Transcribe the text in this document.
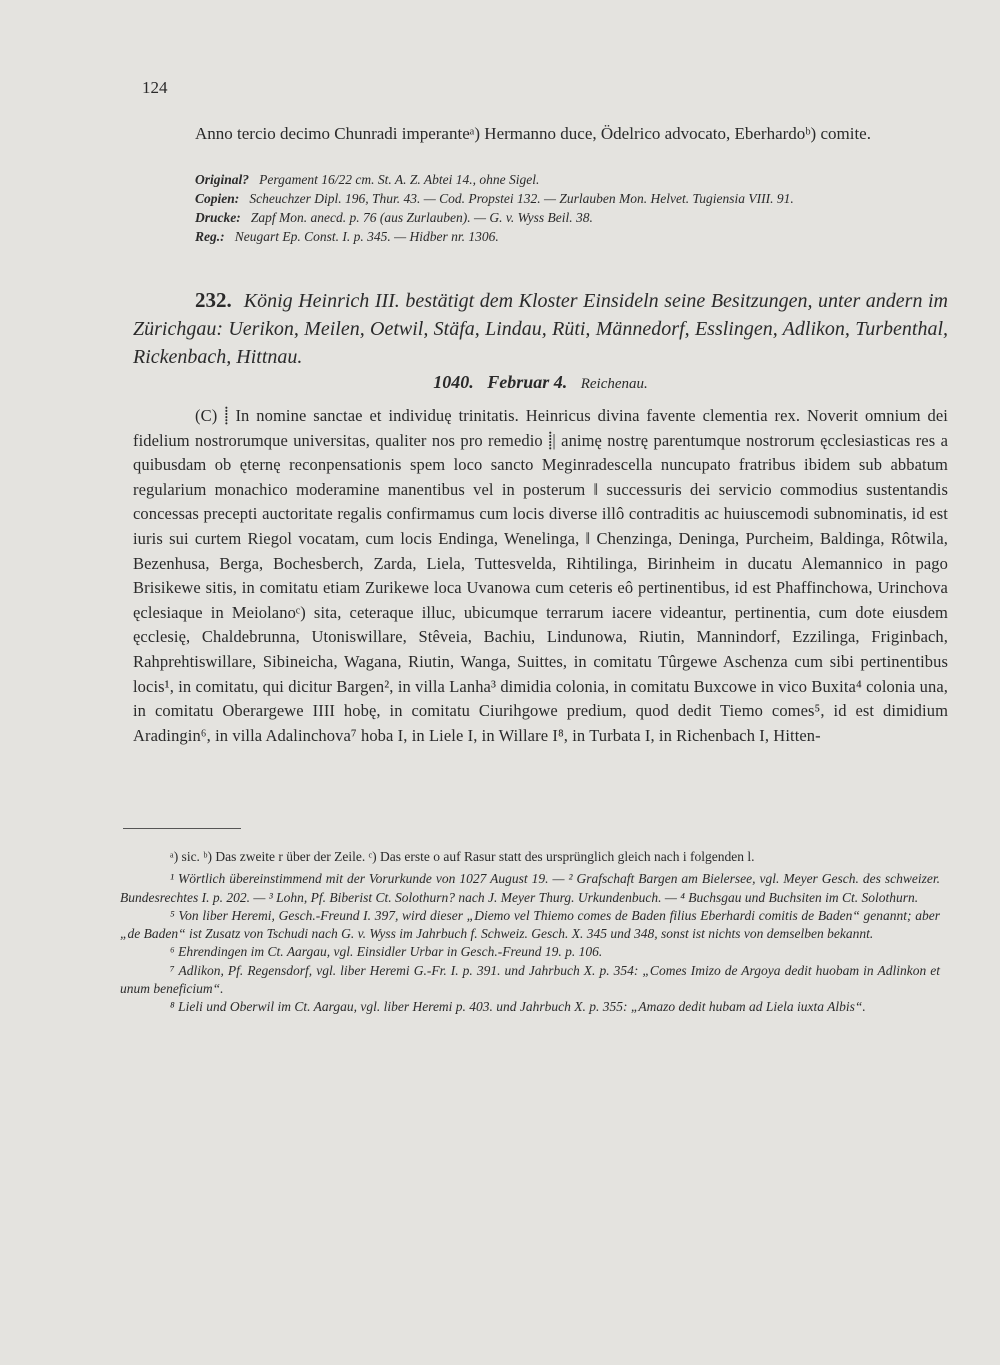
124

Anno tercio decimo Chunradi imperanteᵃ) Hermanno duce, Ödelrico advocato, Eberhardoᵇ) comite.

Original? Pergament 16/22 cm. St. A. Z. Abtei 14., ohne Sigel.

Copien: Scheuchzer Dipl. 196, Thur. 43. — Cod. Propstei 132. — Zurlauben Mon. Helvet. Tugiensia VIII. 91.

Drucke: Zapf Mon. anecd. p. 76 (aus Zurlauben). — G. v. Wyss Beil. 38.

Reg.: Neugart Ep. Const. I. p. 345. — Hidber nr. 1306.

232. König Heinrich III. bestätigt dem Kloster Einsideln seine Besitzungen, unter andern im Zürichgau: Uerikon, Meilen, Oetwil, Stäfa, Lindau, Rüti, Männedorf, Esslingen, Adlikon, Turbenthal, Rickenbach, Hittnau.

1040. Februar 4. Reichenau.

(C) ⸽ In nomine sanctae et individuę trinitatis. Heinricus divina favente clementia rex. Noverit omnium dei fidelium nostrorumque universitas, qualiter nos pro remedio ⸽| animę nostrę parentumque nostrorum ęcclesiasticas res a quibusdam ob ęternę reconpensationis spem loco sancto Meginradescella nuncupato fratribus ibidem sub abbatum regularium monachico moderamine manentibus vel in posterum ‖ successuris dei servicio commodius sustentandis concessas precepti auctoritate regalis confirmamus cum locis diverse illô contraditis ac huiuscemodi subnominatis, id est iuris sui curtem Riegol vocatam, cum locis Endinga, Wenelinga, ‖ Chenzinga, Deninga, Purcheim, Baldinga, Rôtwila, Bezenhusa, Berga, Bochesberch, Zarda, Liela, Tuttesvelda, Rihtilinga, Birinheim in ducatu Alemannico in pago Brisikewe sitis, in comitatu etiam Zurikewe loca Uvanowa cum ceteris eô pertinentibus, id est Phaffinchowa, Urinchova ęclesiaque in Meiolanoᶜ) sita, ceteraque illuc, ubicumque terrarum iacere videantur, pertinentia, cum dote eiusdem ęcclesię, Chaldebrunna, Utoniswillare, Stêveia, Bachiu, Lindunowa, Riutin, Mannindorf, Ezzilinga, Friginbach, Rahprehtiswillare, Sibineicha, Wagana, Riutin, Wanga, Suittes, in comitatu Tûrgewe Aschenza cum sibi pertinentibus locis¹, in comitatu, qui dicitur Bargen², in villa Lanha³ dimidia colonia, in comitatu Buxcowe in vico Buxita⁴ colonia una, in comitatu Oberargewe IIII hobę, in comitatu Ciurihgowe predium, quod dedit Tiemo comes⁵, id est dimidium Aradingin⁶, in villa Adalinchova⁷ hoba I, in Liele I, in Willare I⁸, in Turbata I, in Richenbach I, Hitten-

ᵃ) sic. ᵇ) Das zweite r über der Zeile. ᶜ) Das erste o auf Rasur statt des ursprünglich gleich nach i folgenden l.

¹ Wörtlich übereinstimmend mit der Vorurkunde von 1027 August 19. — ² Grafschaft Bargen am Bielersee, vgl. Meyer Gesch. des schweizer. Bundesrechtes I. p. 202. — ³ Lohn, Pf. Biberist Ct. Solothurn? nach J. Meyer Thurg. Urkundenbuch. — ⁴ Buchsgau und Buchsiten im Ct. Solothurn.

⁵ Von liber Heremi, Gesch.-Freund I. 397, wird dieser „Diemo vel Thiemo comes de Baden filius Eberhardi comitis de Baden“ genannt; aber „de Baden“ ist Zusatz von Tschudi nach G. v. Wyss im Jahrbuch f. Schweiz. Gesch. X. 345 und 348, sonst ist nichts von demselben bekannt.

⁶ Ehrendingen im Ct. Aargau, vgl. Einsidler Urbar in Gesch.-Freund 19. p. 106.

⁷ Adlikon, Pf. Regensdorf, vgl. liber Heremi G.-Fr. I. p. 391. und Jahrbuch X. p. 354: „Comes Imizo de Argoya dedit huobam in Adlinkon et unum beneficium“.

⁸ Lieli und Oberwil im Ct. Aargau, vgl. liber Heremi p. 403. und Jahrbuch X. p. 355: „Amazo dedit hubam ad Liela iuxta Albis“.
